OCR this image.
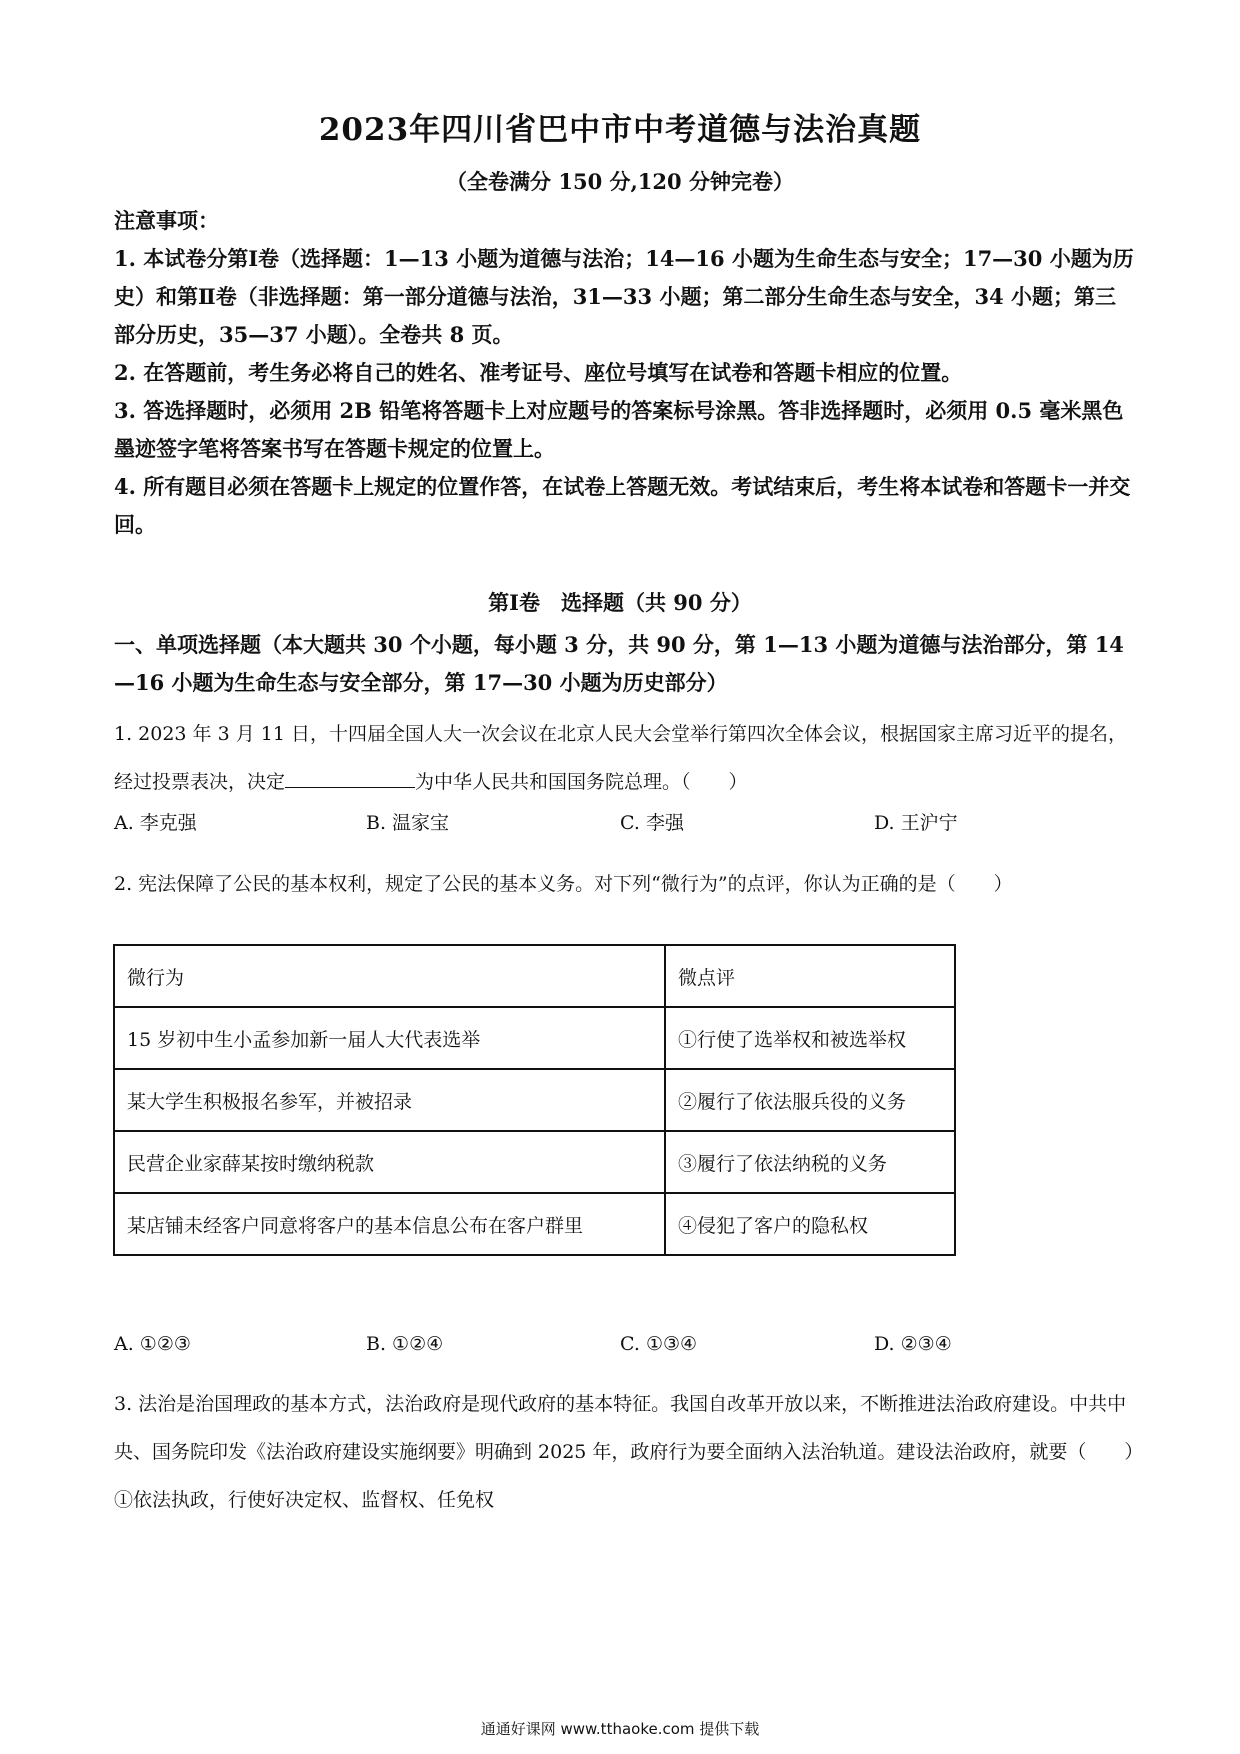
2023年四川省巴中市中考道德与法治真题
（全卷满分 150 分,120 分钟完卷）

注意事项：

1. 本试卷分第Ⅰ卷（选择题：1—13 小题为道德与法治；14—16 小题为生命生态与安全；17—30 小题为历史）和第Ⅱ卷（非选择题：第一部分道德与法治，31—33 小题；第二部分生命生态与安全，34 小题；第三部分历史，35—37 小题）。全卷共 8 页。

2. 在答题前，考生务必将自己的姓名、准考证号、座位号填写在试卷和答题卡相应的位置。

3. 答选择题时，必须用 2B 铅笔将答题卡上对应题号的答案标号涂黑。答非选择题时，必须用 0.5 毫米黑色墨迹签字笔将答案书写在答题卡规定的位置上。

4. 所有题目必须在答题卡上规定的位置作答，在试卷上答题无效。考试结束后，考生将本试卷和答题卡一并交回。

第Ⅰ卷　选择题（共 90 分）
一、单项选择题（本大题共 30 个小题，每小题 3 分，共 90 分，第 1—13 小题为道德与法治部分，第 14—16 小题为生命生态与安全部分，第 17—30 小题为历史部分）

1. 2023 年 3 月 11 日，十四届全国人大一次会议在北京人民大会堂举行第四次全体会议，根据国家主席习近平的提名，经过投票表决，决定	为中华人民共和国国务院总理。（　　）

A. 李克强	B. 温家宝	C. 李强	D. 王沪宁

2. 宪法保障了公民的基本权利，规定了公民的基本义务。对下列“微行为”的点评，你认为正确的是（　　）

微行为	微点评
15 岁初中生小孟参加新一届人大代表选举	①行使了选举权和被选举权
某大学生积极报名参军，并被招录	②履行了依法服兵役的义务
民营企业家薛某按时缴纳税款	③履行了依法纳税的义务
某店铺未经客户同意将客户的基本信息公布在客户群里	④侵犯了客户的隐私权
A. ①②③	B. ①②④	C. ①③④	D. ②③④

3. 法治是治国理政的基本方式，法治政府是现代政府的基本特征。我国自改革开放以来，不断推进法治政府建设。中共中央、国务院印发《法治政府建设实施纲要》明确到 2025 年，政府行为要全面纳入法治轨道。建设法治政府，就要（　　）

①依法执政，行使好决定权、监督权、任免权

通通好课网 www.tthaoke.com 提供下载
